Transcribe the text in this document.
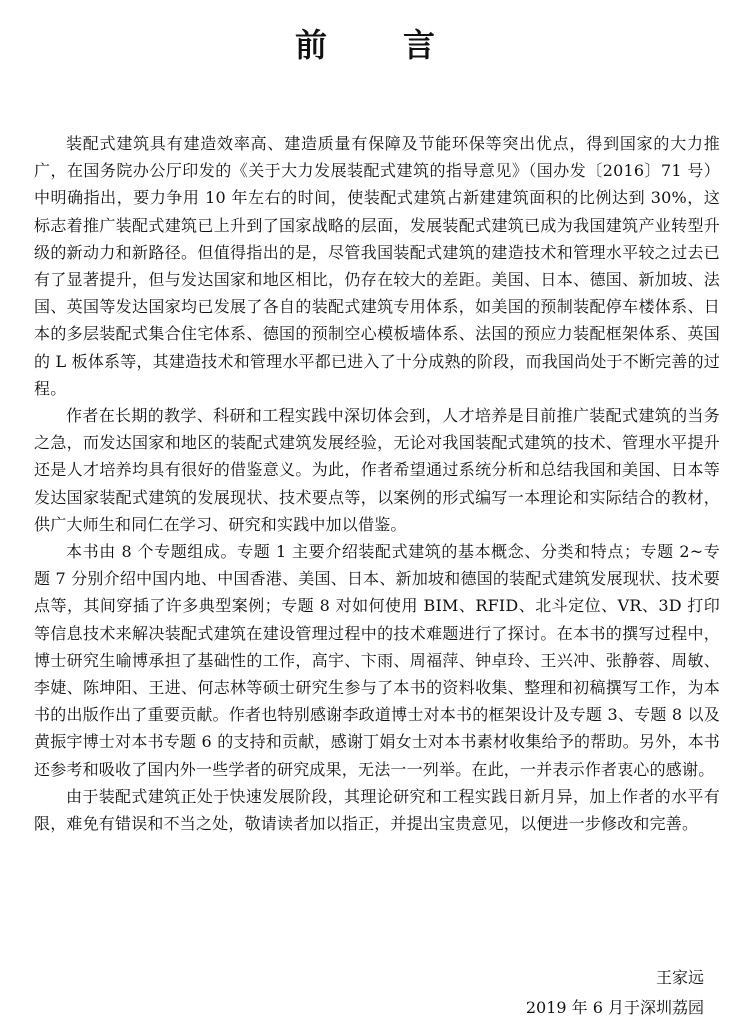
前　言

装配式建筑具有建造效率高、建造质量有保障及节能环保等突出优点，得到国家的大力推广，在国务院办公厅印发的《关于大力发展装配式建筑的指导意见》（国办发〔2016〕71 号）中明确指出，要力争用 10 年左右的时间，使装配式建筑占新建建筑面积的比例达到 30%，这标志着推广装配式建筑已上升到了国家战略的层面，发展装配式建筑已成为我国建筑产业转型升级的新动力和新路径。但值得指出的是，尽管我国装配式建筑的建造技术和管理水平较之过去已有了显著提升，但与发达国家和地区相比，仍存在较大的差距。美国、日本、德国、新加坡、法国、英国等发达国家均已发展了各自的装配式建筑专用体系，如美国的预制装配停车楼体系、日本的多层装配式集合住宅体系、德国的预制空心模板墙体系、法国的预应力装配框架体系、英国的 L 板体系等，其建造技术和管理水平都已进入了十分成熟的阶段，而我国尚处于不断完善的过程。

作者在长期的教学、科研和工程实践中深切体会到，人才培养是目前推广装配式建筑的当务之急，而发达国家和地区的装配式建筑发展经验，无论对我国装配式建筑的技术、管理水平提升还是人才培养均具有很好的借鉴意义。为此，作者希望通过系统分析和总结我国和美国、日本等发达国家装配式建筑的发展现状、技术要点等，以案例的形式编写一本理论和实际结合的教材，供广大师生和同仁在学习、研究和实践中加以借鉴。

本书由 8 个专题组成。专题 1 主要介绍装配式建筑的基本概念、分类和特点；专题 2~专题 7 分别介绍中国内地、中国香港、美国、日本、新加坡和德国的装配式建筑发展现状、技术要点等，其间穿插了许多典型案例；专题 8 对如何使用 BIM、RFID、北斗定位、VR、3D 打印等信息技术来解决装配式建筑在建设管理过程中的技术难题进行了探讨。在本书的撰写过程中，博士研究生喻博承担了基础性的工作，高宇、卞雨、周福萍、钟卓玲、王兴冲、张静蓉、周敏、李婕、陈坤阳、王进、何志林等硕士研究生参与了本书的资料收集、整理和初稿撰写工作，为本书的出版作出了重要贡献。作者也特别感谢李政道博士对本书的框架设计及专题 3、专题 8 以及黄振宇博士对本书专题 6 的支持和贡献，感谢丁娟女士对本书素材收集给予的帮助。另外，本书还参考和吸收了国内外一些学者的研究成果，无法一一列举。在此，一并表示作者衷心的感谢。

由于装配式建筑正处于快速发展阶段，其理论研究和工程实践日新月异，加上作者的水平有限，难免有错误和不当之处，敬请读者加以指正，并提出宝贵意见，以便进一步修改和完善。

王家远
2019 年 6 月于深圳荔园
